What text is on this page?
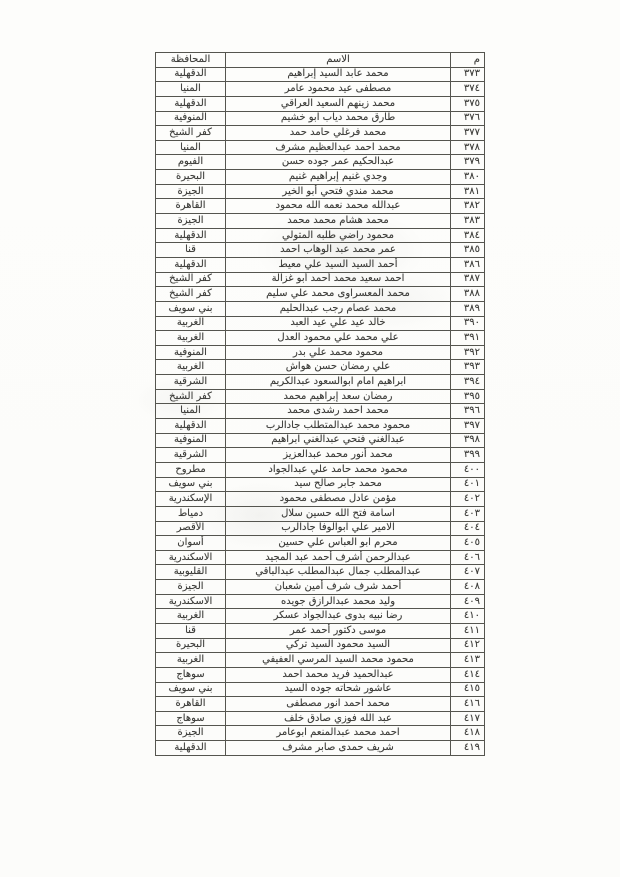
م	الاسم	المحافظة
٣٧٣	محمد عابد السيد إبراهيم	الدقهلية
٣٧٤	مصطفى عيد محمود عامر	المنيا
٣٧٥	محمد زينهم السعيد العراقي	الدقهلية
٣٧٦	طارق محمد دياب ابو خشيم	المنوفية
٣٧٧	محمد فرغلي حامد حمد	كفر الشيخ
٣٧٨	محمد احمد عبدالعظيم مشرف	المنيا
٣٧٩	عبدالحكيم عمر جوده حسن	الفيوم
٣٨٠	وجدي غنيم إبراهيم غنيم	البحيرة
٣٨١	محمد مندي فتحي أبو الخير	الجيزة
٣٨٢	عبدالله محمد نعمه الله محمود	القاهرة
٣٨٣	محمد هشام محمد محمد	الجيزة
٣٨٤	محمود راضي طلبه المتولي	الدقهلية
٣٨٥	عمر محمد عبد الوهاب احمد	قنا
٣٨٦	أحمد السيد السيد علي معيط	الدقهلية
٣٨٧	احمد سعيد محمد أحمد أبو غزالة	كفر الشيخ
٣٨٨	محمد المعسراوى محمد علي سليم	كفر الشيخ
٣٨٩	محمد عصام رجب عبدالحليم	بني سويف
٣٩٠	خالد عيد علي عيد العبد	الغربية
٣٩١	علي محمد علي محمود العدل	الغربية
٣٩٢	محمود محمد علي بدر	المنوفية
٣٩٣	علي رمضان حسن هواش	الغربية
٣٩٤	ابراهيم امام ابوالسعود عبدالكريم	الشرقية
٣٩٥	رمضان سعد إبراهيم محمد	كفر الشيخ
٣٩٦	محمد احمد رشدى محمد	المنيا
٣٩٧	محمود محمد عبدالمتطلب جادالرب	الدقهلية
٣٩٨	عبدالغني فتحي عبدالغني ابراهيم	المنوفية
٣٩٩	محمد أنور محمد عبدالعزيز	الشرقية
٤٠٠	محمود محمد حامد علي عبدالجواد	مطروح
٤٠١	محمد جابر صالح سيد	بني سويف
٤٠٢	مؤمن عادل مصطفى محمود	الإسكندرية
٤٠٣	اسامة فتح الله حسين سلال	دمياط
٤٠٤	الامير علي ابوالوفا جادالرب	الأقصر
٤٠٥	محرم ابو العباس علي حسين	أسوان
٤٠٦	عبدالرحمن أشرف أحمد عبد المجيد	الاسكندرية
٤٠٧	عبدالمطلب جمال عبدالمطلب عبدالباقي	القليوبية
٤٠٨	أحمد شرف شرف أمين شعبان	الجيزة
٤٠٩	وليد محمد عبدالرازق جويده	الاسكندرية
٤١٠	رضا نبيه بدوى عبدالجواد عسكر	الغربية
٤١١	موسى دكتور أحمد عمر	قنا
٤١٢	السيد محمود السيد تركي	البحيرة
٤١٣	محمود محمد السيد المرسي العفيفي	الغربية
٤١٤	عبدالحميد فريد محمد احمد	سوهاج
٤١٥	عاشور شحاته جوده السيد	بني سويف
٤١٦	محمد احمد انور مصطفى	القاهرة
٤١٧	عبد الله فوزي صادق خلف	سوهاج
٤١٨	احمد محمد عبدالمنعم ابوعامر	الجيزة
٤١٩	شريف حمدى صابر مشرف	الدقهلية
